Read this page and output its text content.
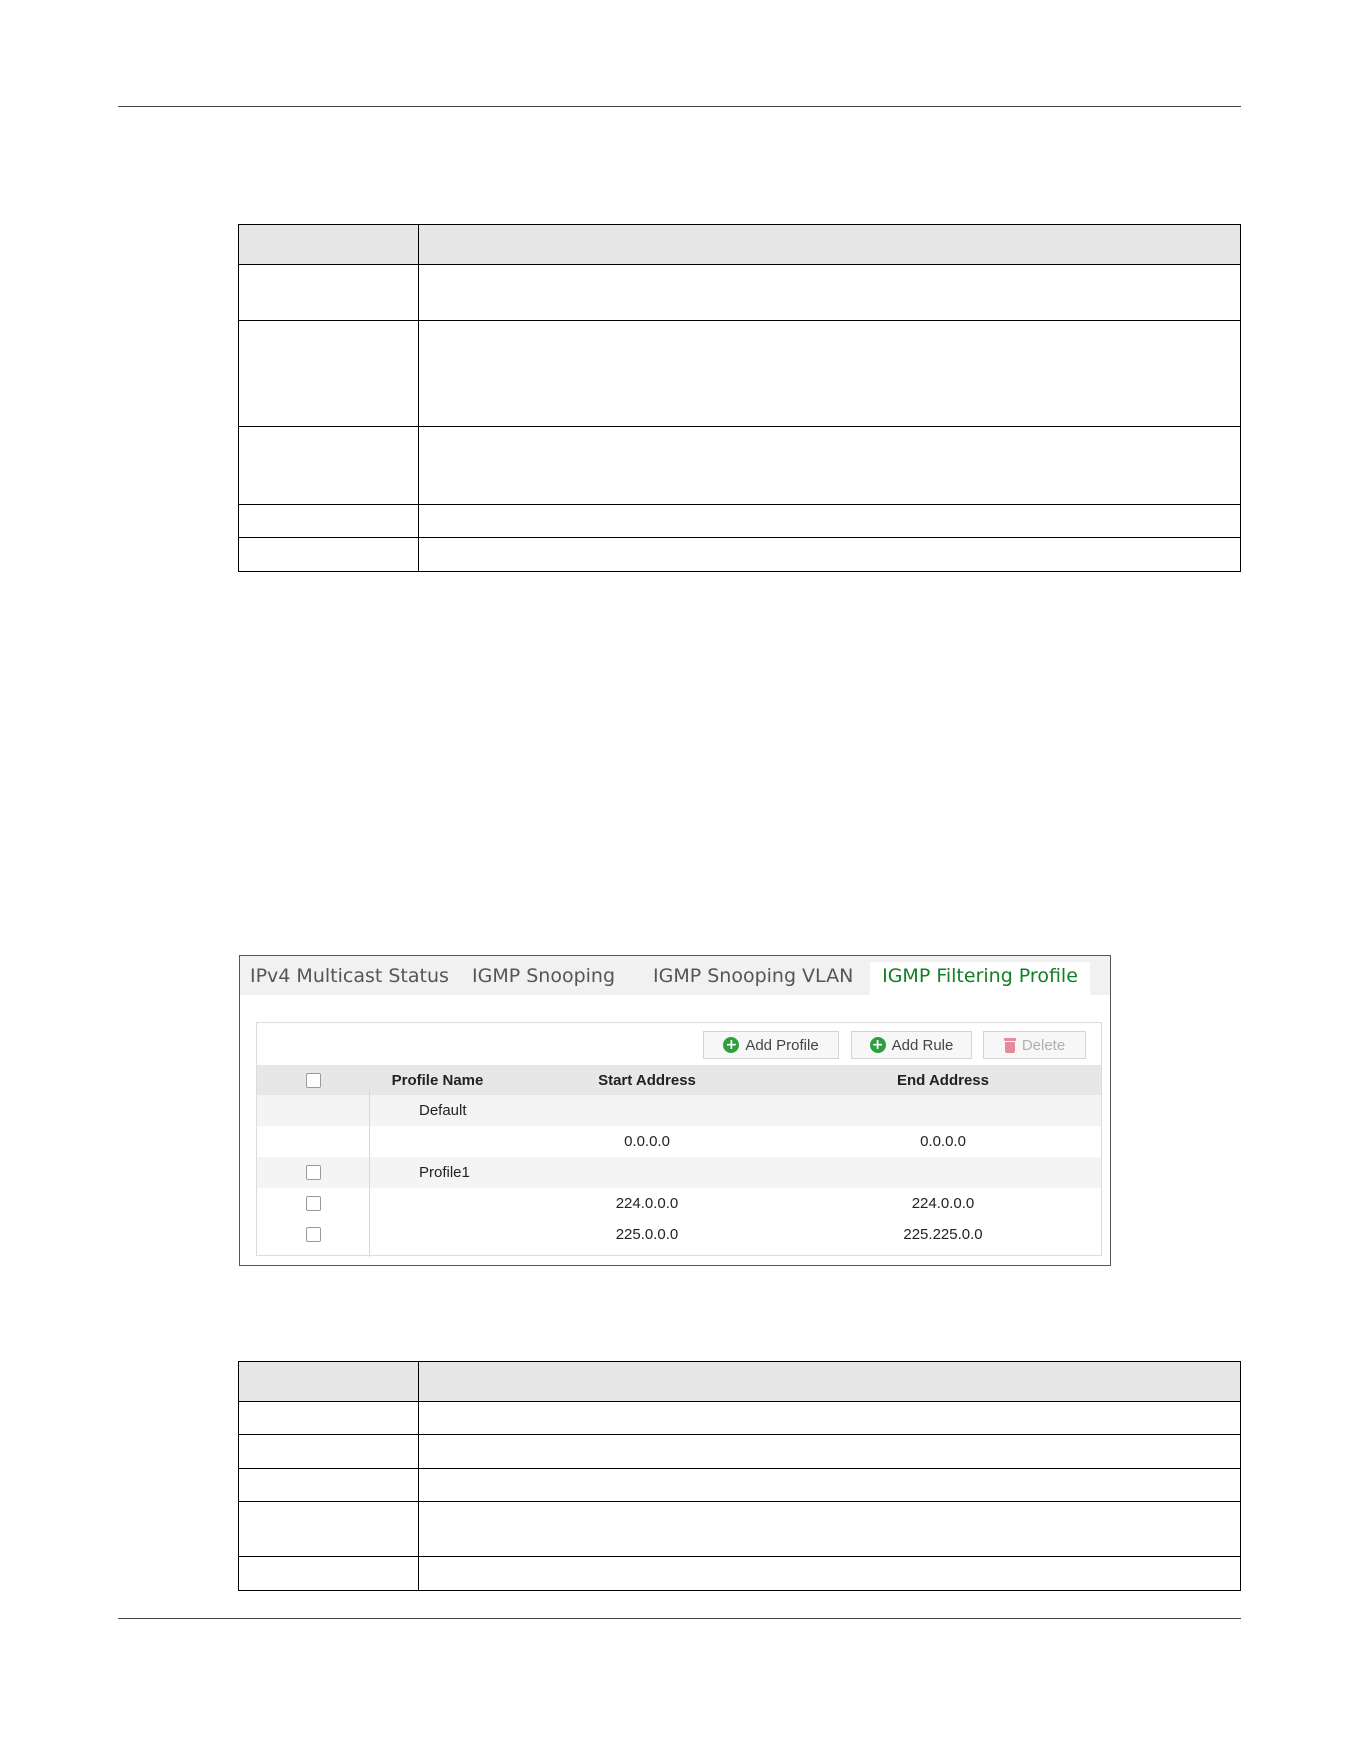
IPv4 Multicast Status IGMP Snooping IGMP Snooping VLAN	IGMP Filtering Profile
+ Add Profile	+ Add Rule	Delete
Profile Name	Start Address	End Address
Default
0.0.0.0	0.0.0.0
Profile1
224.0.0.0	224.0.0.0
225.0.0.0	225.225.0.0
